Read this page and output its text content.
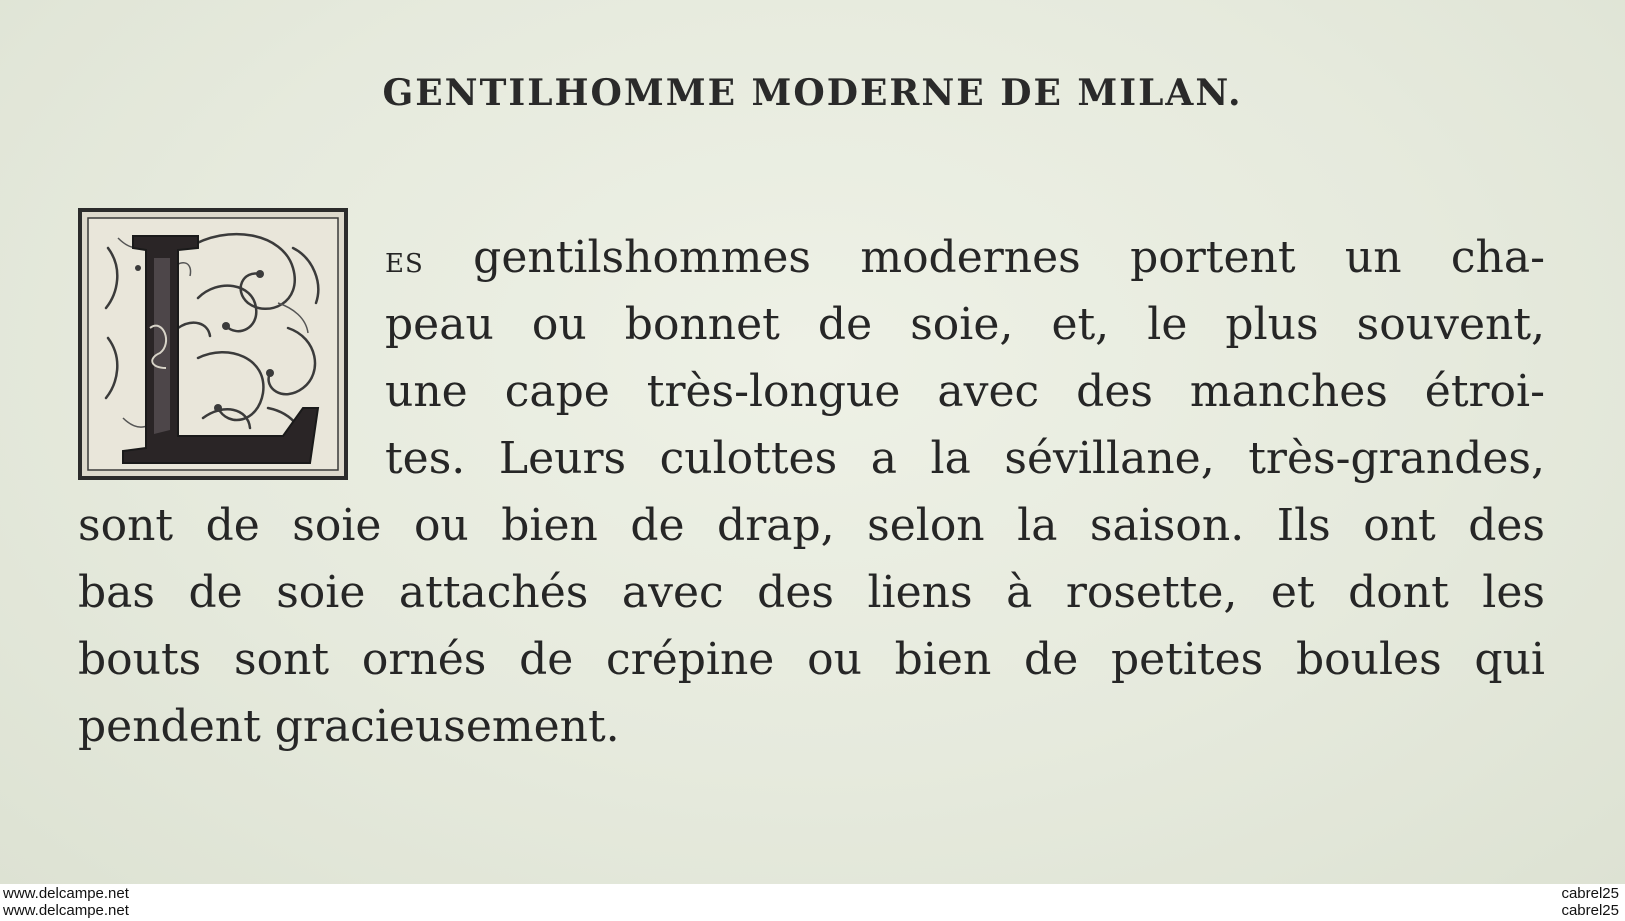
GENTILHOMME MODERNE DE MILAN.
ES gentilshommes modernes portent un cha-

peau ou bonnet de soie, et, le plus souvent,

une cape très-longue avec des manches étroi-

tes. Leurs culottes a la sévillane, très-grandes,

sont de soie ou bien de drap, selon la saison. Ils ont des

bas de soie attachés avec des liens à rosette, et dont les

bouts sont ornés de crépine ou bien de petites boules qui

pendent gracieusement.

www.delcampe.net

www.delcampe.net

cabrel25

cabrel25
